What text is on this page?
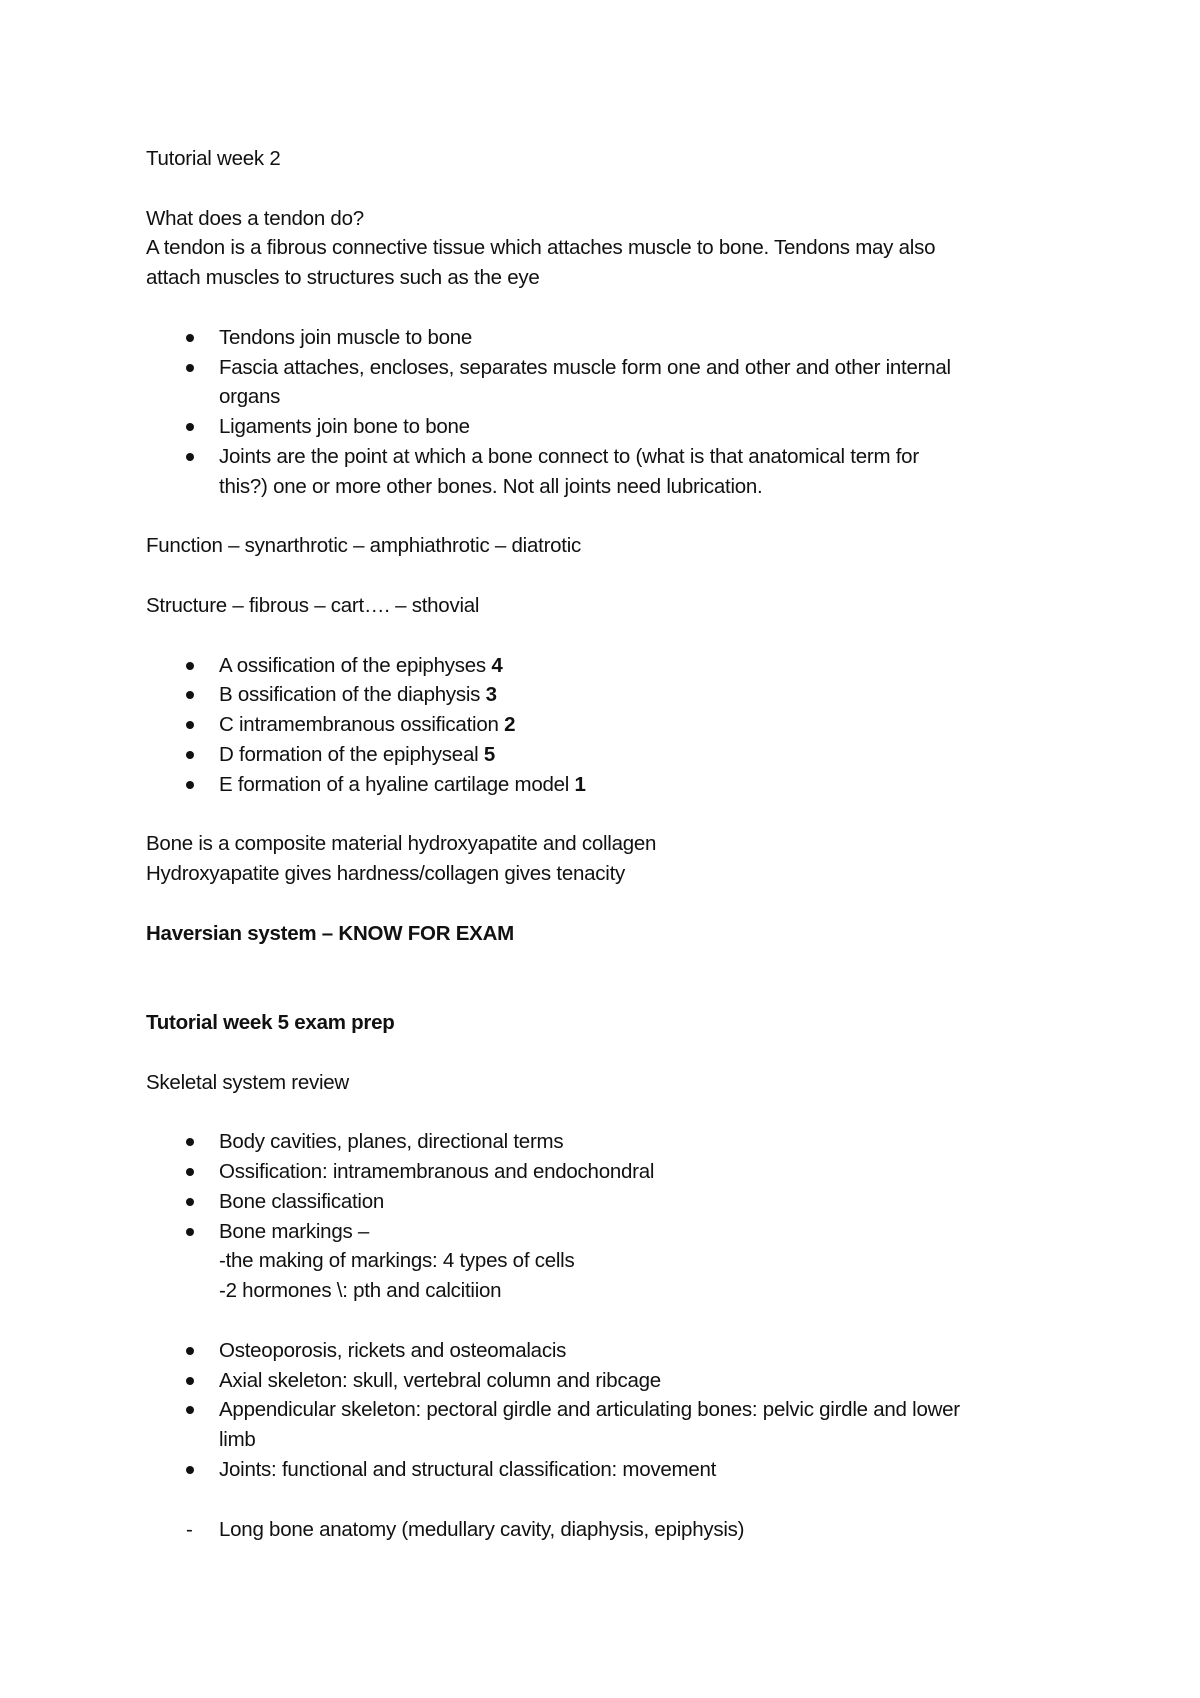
Tutorial week 2

What does a tendon do?

A tendon is a fibrous connective tissue which attaches muscle to bone. Tendons may also

attach muscles to structures such as the eye

Tendons join muscle to bone
Fascia attaches, encloses, separates muscle form one and other and other internal
organs
Ligaments join bone to bone
Joints are the point at which a bone connect to (what is that anatomical term for
this?) one or more other bones. Not all joints need lubrication.

Function – synarthrotic – amphiathrotic – diatrotic

Structure – fibrous – cart…. – sthovial

A ossification of the epiphyses 4
B ossification of the diaphysis 3
C intramembranous ossification 2
D formation of the epiphyseal 5
E formation of a hyaline cartilage model 1

Bone is a composite material hydroxyapatite and collagen

Hydroxyapatite gives hardness/collagen gives tenacity

Haversian system – KNOW FOR EXAM

Tutorial week 5 exam prep

Skeletal system review

Body cavities, planes, directional terms
Ossification: intramembranous and endochondral
Bone classification
Bone markings –
-the making of markings: 4 types of cells
-2 hormones \: pth and calcitiion
Osteoporosis, rickets and osteomalacis
Axial skeleton: skull, vertebral column and ribcage
Appendicular skeleton: pectoral girdle and articulating bones: pelvic girdle and lower
limb
Joints: functional and structural classification: movement
- Long bone anatomy (medullary cavity, diaphysis, epiphysis)
